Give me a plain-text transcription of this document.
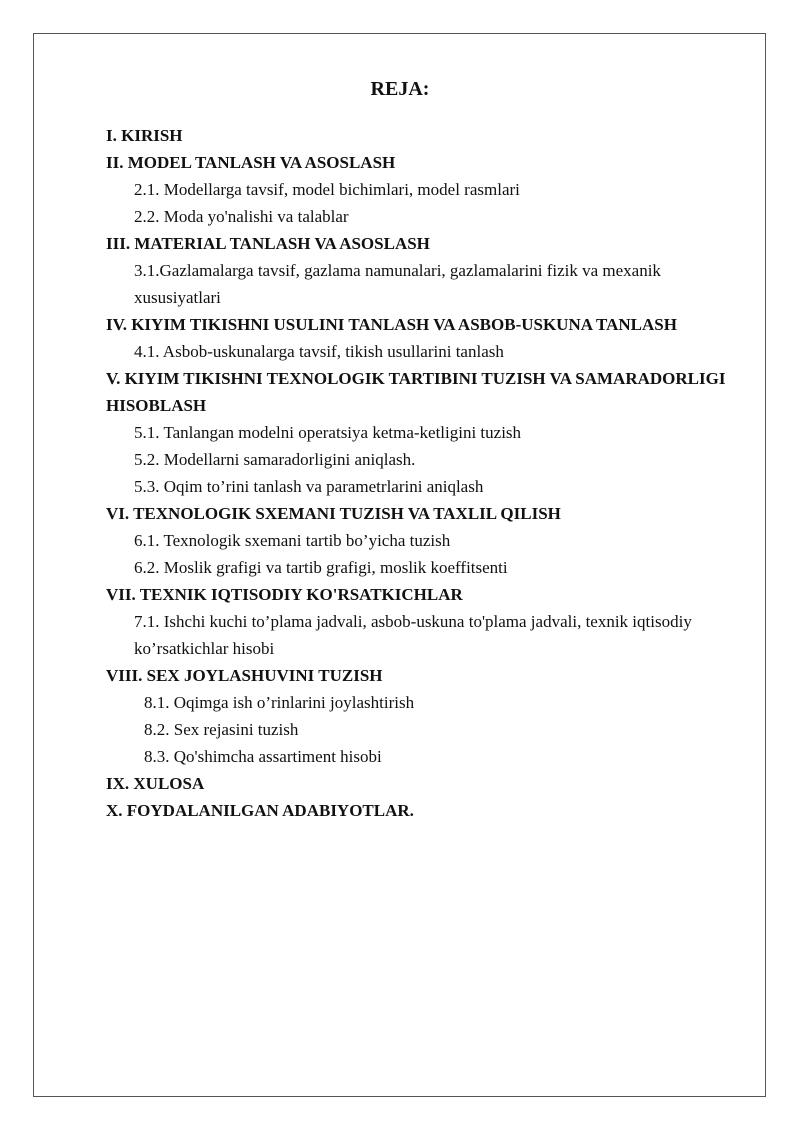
REJA:

I. KIRISH

II. MODEL TANLASH VA ASOSLASH

2.1. Modellarga tavsif, model bichimlari, model rasmlari

2.2. Moda yo'nalishi va talablar

III. MATERIAL TANLASH VA ASOSLASH

3.1.Gazlamalarga tavsif, gazlama namunalari, gazlamalarini fizik va mexanik xususiyatlari

IV. KIYIM TIKISHNI USULINI TANLASH VA ASBOB-USKUNA TANLASH

4.1. Asbob-uskunalarga tavsif, tikish usullarini tanlash

V. KIYIM TIKISHNI TEXNOLOGIK TARTIBINI TUZISH VA SAMARADORLIGI HISOBLASH

5.1. Tanlangan modelni operatsiya ketma-ketligini tuzish

5.2. Modellarni samaradorligini aniqlash.

5.3. Oqim to’rini tanlash va parametrlarini aniqlash

VI. TEXNOLOGIK SXEMANI TUZISH VA TAXLIL QILISH

6.1. Texnologik sxemani tartib bo’yicha tuzish

6.2. Moslik grafigi va tartib grafigi, moslik koeffitsenti

VII. TEXNIK IQTISODIY KO'RSATKICHLAR

7.1. Ishchi kuchi to’plama jadvali, asbob-uskuna to'plama jadvali, texnik iqtisodiy ko’rsatkichlar hisobi

VIII. SEX JOYLASHUVINI TUZISH

8.1. Oqimga ish o’rinlarini joylashtirish

8.2. Sex rejasini tuzish

8.3. Qo'shimcha assartiment hisobi

IX. XULOSA

X. FOYDALANILGAN ADABIYOTLAR.
